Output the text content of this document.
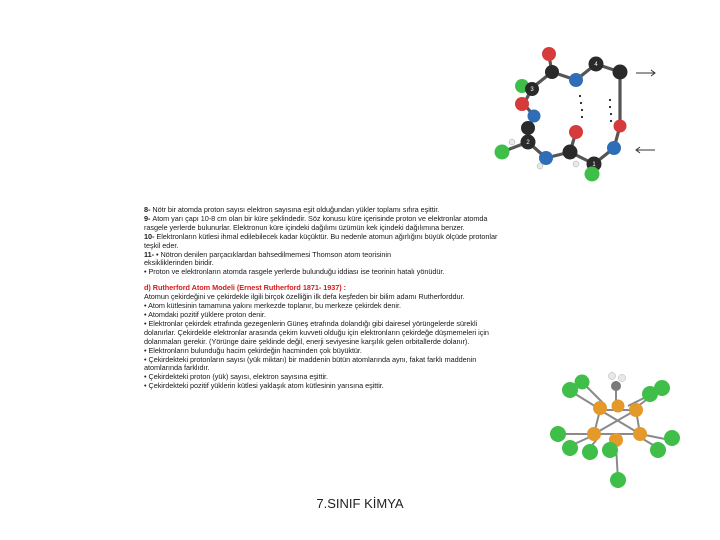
4
3
2
1
8- Nötr bir atomda proton sayısı elektron sayısına eşit olduğundan yükler toplamı sıfıra eşittir.
9- Atom yarı çapı 10-8 cm olan bir küre şeklindedir. Söz konusu küre içerisinde proton ve elektronlar atomda
rasgele yerlerde bulunurlar. Elektronun küre içindeki dağılımı üzümün kek içindeki dağılımına benzer.
10- Elektronların kütlesi ihmal edilebilecek kadar küçüktür. Bu nedenle atomun ağırlığını büyük ölçüde protonlar
teşkil eder.
11- • Nötron denilen parçacıklardan bahsedilmemesi Thomson atom teorisinin
eksikliklerinden biridir.
• Proton ve elektronların atomda rasgele yerlerde bulunduğu iddiası ise teorinin hatalı yönüdür.
d) Rutherford Atom Modeli (Ernest Rutherford 1871- 1937) :
Atomun çekirdeğini ve çekirdekle ilgili birçok özelliğin ilk defa keşfeden bir bilim adamı Rutherforddur.
• Atom kütlesinin tamamına yakını merkezde toplanır, bu merkeze çekirdek denir.
• Atomdaki pozitif yüklere proton denir.
• Elektronlar çekirdek etrafında gezegenlerin Güneş etrafında dolandığı gibi dairesel yörüngelerde sürekli
dolanırlar. Çekirdekle elektronlar arasında çekim kuvveti olduğu için elektronların çekirdeğe düşmemeleri için
dolanmaları gerekir. (Yörünge daire şeklinde değil, enerji seviyesine karşılık gelen orbitallerde dolanır).
• Elektronların bulunduğu hacim çekirdeğin hacminden çok büyüktür.
• Çekirdekteki protonların sayısı (yük miktarı) bir maddenin bütün atomlarında aynı, fakat farklı maddenin
atomlarında farklıdır.
• Çekirdekteki proton (yük) sayısı, elektron sayısına eşittir.
• Çekirdekteki pozitif yüklerin kütlesi yaklaşık atom kütlesinin yarısına eşittir.
7.SINIF KİMYA
